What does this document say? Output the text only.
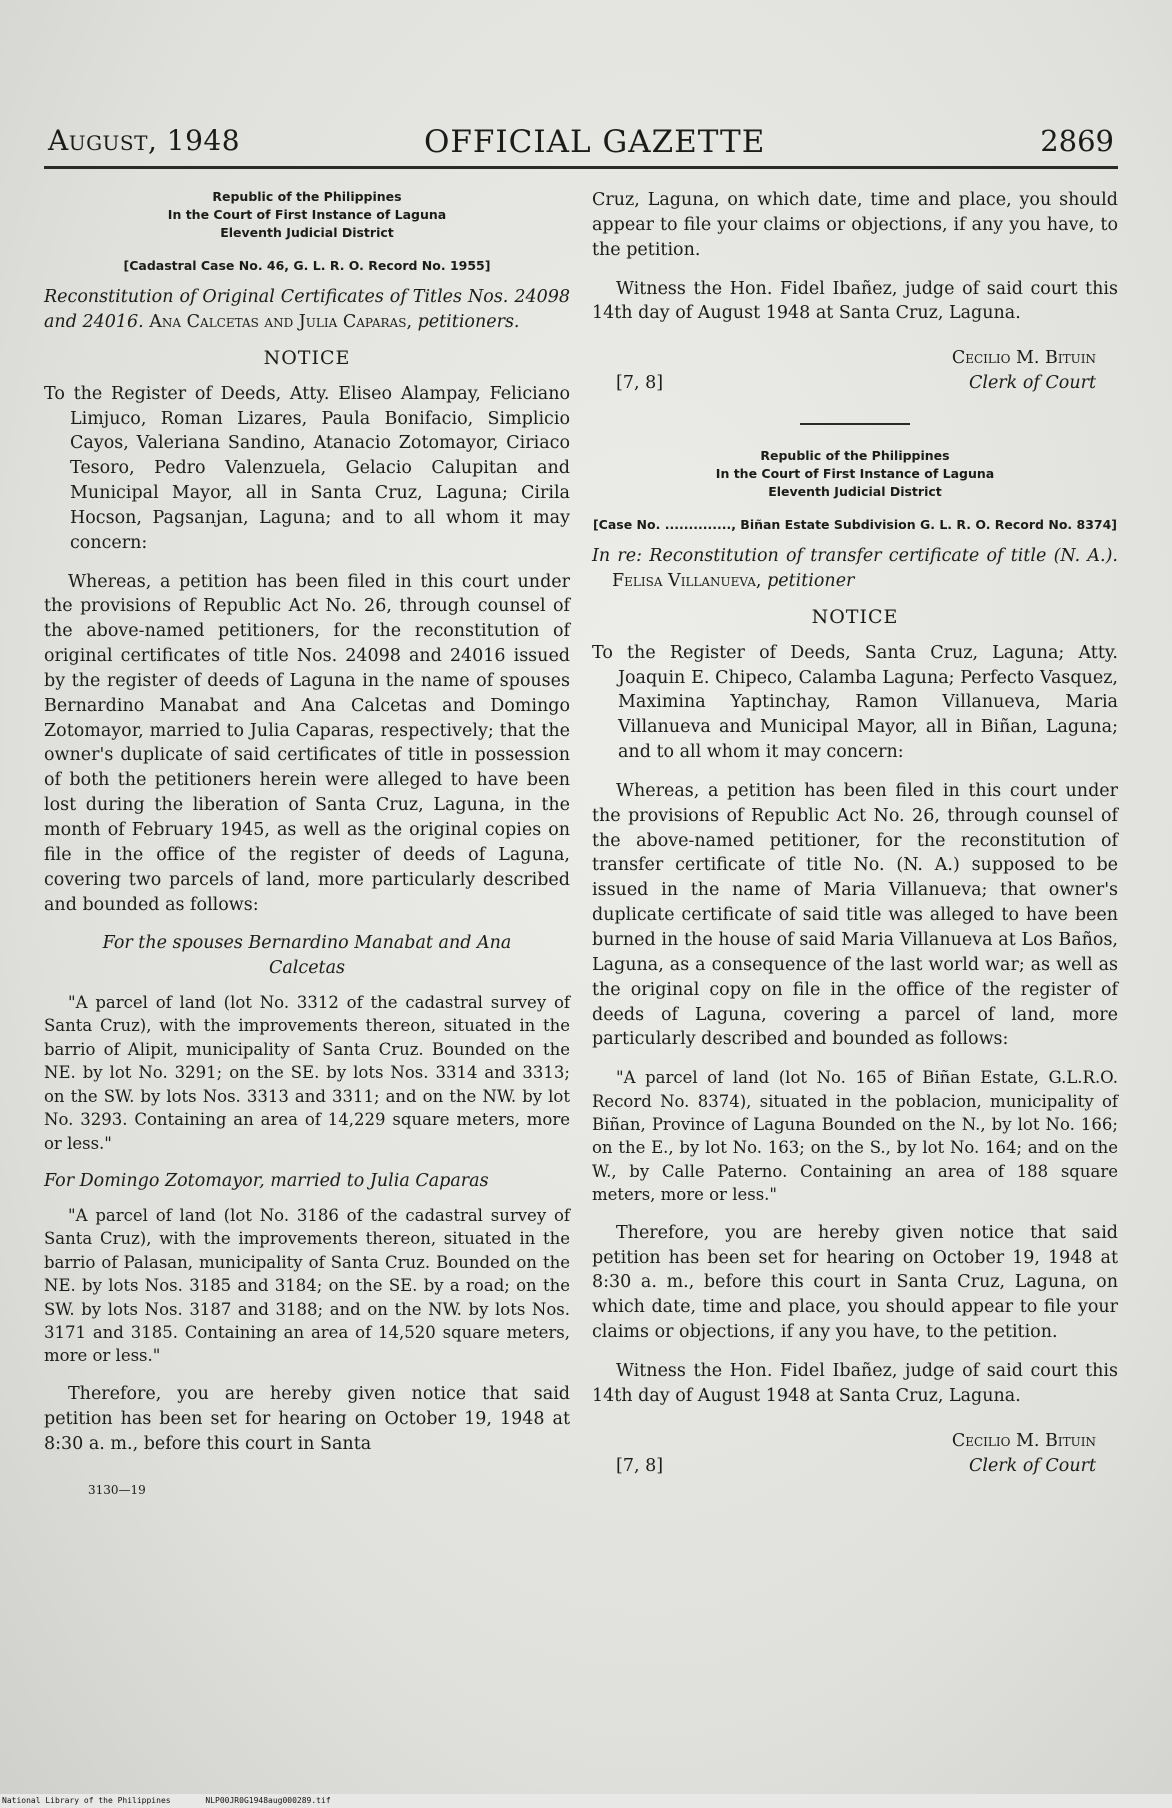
August, 1948	OFFICIAL GAZETTE	2869
Republic of the Philippines
In the Court of First Instance of Laguna
Eleventh Judicial District
[Cadastral Case No. 46, G. L. R. O. Record No. 1955]
Reconstitution of Original Certificates of Titles Nos. 24098 and 24016. Ana Calcetas and Julia Caparas, petitioners.
NOTICE
To the Register of Deeds, Atty. Eliseo Alampay, Feliciano Limjuco, Roman Lizares, Paula Bonifacio, Simplicio Cayos, Valeriana Sandino, Atanacio Zotomayor, Ciriaco Tesoro, Pedro Valenzuela, Gelacio Calupitan and Municipal Mayor, all in Santa Cruz, Laguna; Cirila Hocson, Pagsanjan, Laguna; and to all whom it may concern:

Whereas, a petition has been filed in this court under the provisions of Republic Act No. 26, through counsel of the above-named petitioners, for the reconstitution of original certificates of title Nos. 24098 and 24016 issued by the register of deeds of Laguna in the name of spouses Bernardino Manabat and Ana Calcetas and Domingo Zotomayor, married to Julia Caparas, respectively; that the owner's duplicate of said certificates of title in possession of both the petitioners herein were alleged to have been lost during the liberation of Santa Cruz, Laguna, in the month of February 1945, as well as the original copies on file in the office of the register of deeds of Laguna, covering two parcels of land, more particularly described and bounded as follows:

For the spouses Bernardino Manabat and Ana Calcetas

"A parcel of land (lot No. 3312 of the cadastral survey of Santa Cruz), with the improvements thereon, situated in the barrio of Alipit, municipality of Santa Cruz. Bounded on the NE. by lot No. 3291; on the SE. by lots Nos. 3314 and 3313; on the SW. by lots Nos. 3313 and 3311; and on the NW. by lot No. 3293. Containing an area of 14,229 square meters, more or less."

For Domingo Zotomayor, married to Julia Caparas

"A parcel of land (lot No. 3186 of the cadastral survey of Santa Cruz), with the improvements thereon, situated in the barrio of Palasan, municipality of Santa Cruz. Bounded on the NE. by lots Nos. 3185 and 3184; on the SE. by a road; on the SW. by lots Nos. 3187 and 3188; and on the NW. by lots Nos. 3171 and 3185. Containing an area of 14,520 square meters, more or less."

Therefore, you are hereby given notice that said petition has been set for hearing on October 19, 1948 at 8:30 a. m., before this court in Santa

3130—19

Cruz, Laguna, on which date, time and place, you should appear to file your claims or objections, if any you have, to the petition.

Witness the Hon. Fidel Ibañez, judge of said court this 14th day of August 1948 at Santa Cruz, Laguna.

Cecilio M. Bituin
[7, 8]	Clerk of Court
Republic of the Philippines
In the Court of First Instance of Laguna
Eleventh Judicial District
[Case No. .............., Biñan Estate Subdivision G. L. R. O. Record No. 8374]
In re: Reconstitution of transfer certificate of title (N. A.). Felisa Villanueva, petitioner
NOTICE
To the Register of Deeds, Santa Cruz, Laguna; Atty. Joaquin E. Chipeco, Calamba Laguna; Perfecto Vasquez, Maximina Yaptinchay, Ramon Villanueva, Maria Villanueva and Municipal Mayor, all in Biñan, Laguna; and to all whom it may concern:

Whereas, a petition has been filed in this court under the provisions of Republic Act No. 26, through counsel of the above-named petitioner, for the reconstitution of transfer certificate of title No. (N. A.) supposed to be issued in the name of Maria Villanueva; that owner's duplicate certificate of said title was alleged to have been burned in the house of said Maria Villanueva at Los Baños, Laguna, as a consequence of the last world war; as well as the original copy on file in the office of the register of deeds of Laguna, covering a parcel of land, more particularly described and bounded as follows:

"A parcel of land (lot No. 165 of Biñan Estate, G.L.R.O. Record No. 8374), situated in the poblacion, municipality of Biñan, Province of Laguna Bounded on the N., by lot No. 166; on the E., by lot No. 163; on the S., by lot No. 164; and on the W., by Calle Paterno. Containing an area of 188 square meters, more or less."

Therefore, you are hereby given notice that said petition has been set for hearing on October 19, 1948 at 8:30 a. m., before this court in Santa Cruz, Laguna, on which date, time and place, you should appear to file your claims or objections, if any you have, to the petition.

Witness the Hon. Fidel Ibañez, judge of said court this 14th day of August 1948 at Santa Cruz, Laguna.

Cecilio M. Bituin
[7, 8]	Clerk of Court
National Library of the Philippines	NLP00JR0G1948aug000289.tif
